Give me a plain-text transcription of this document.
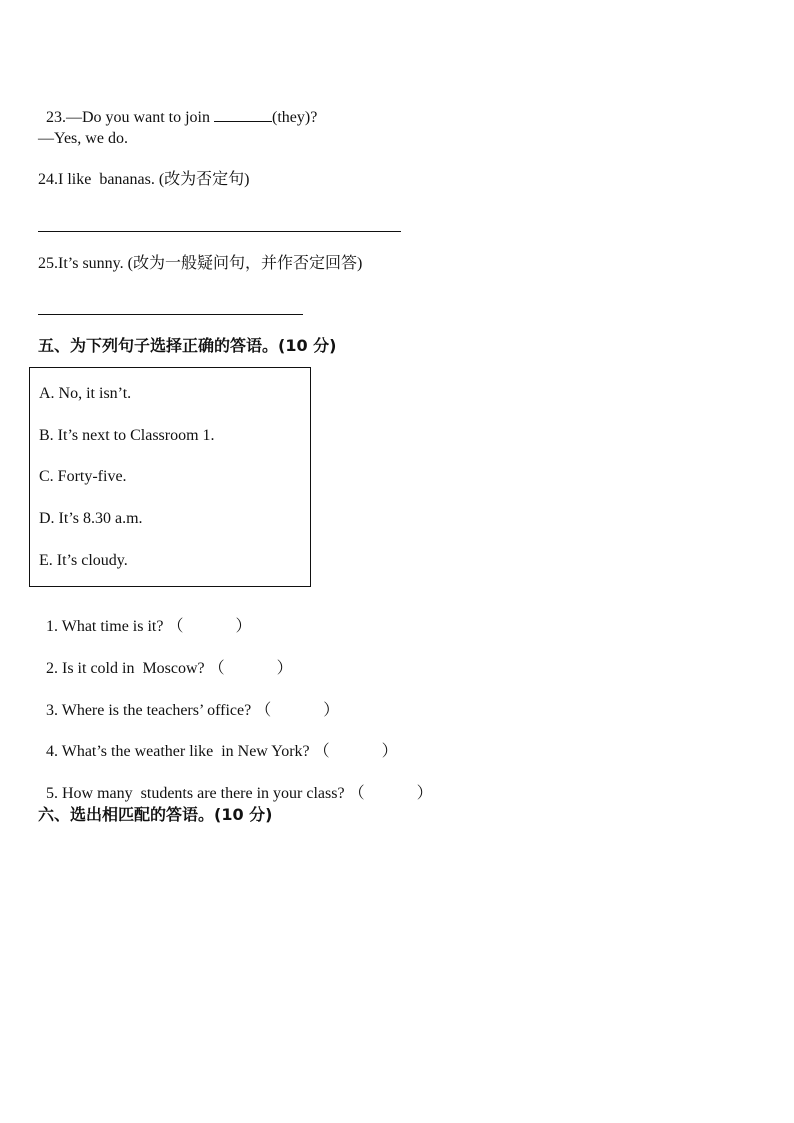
23.—Do you want to join	(they)?

—Yes, we do.
24.I like  bananas. (改为否定句)
25.It’s sunny. (改为一般疑问句，并作否定回答)
五、为下列句子选择正确的答语。(10 分)
A. No, it isn’t.
B. It’s next to Classroom 1.
C. Forty-five.
D. It’s 8.30 a.m.
E. It’s cloudy.

1. What time is it? （             ）

2. Is it cold in  Moscow? （             ）

3. Where is the teachers’ office? （             ）

4. What’s the weather like  in New York? （             ）

5. How many  students are there in your class? （             ）

六、选出相匹配的答语。(10 分)
